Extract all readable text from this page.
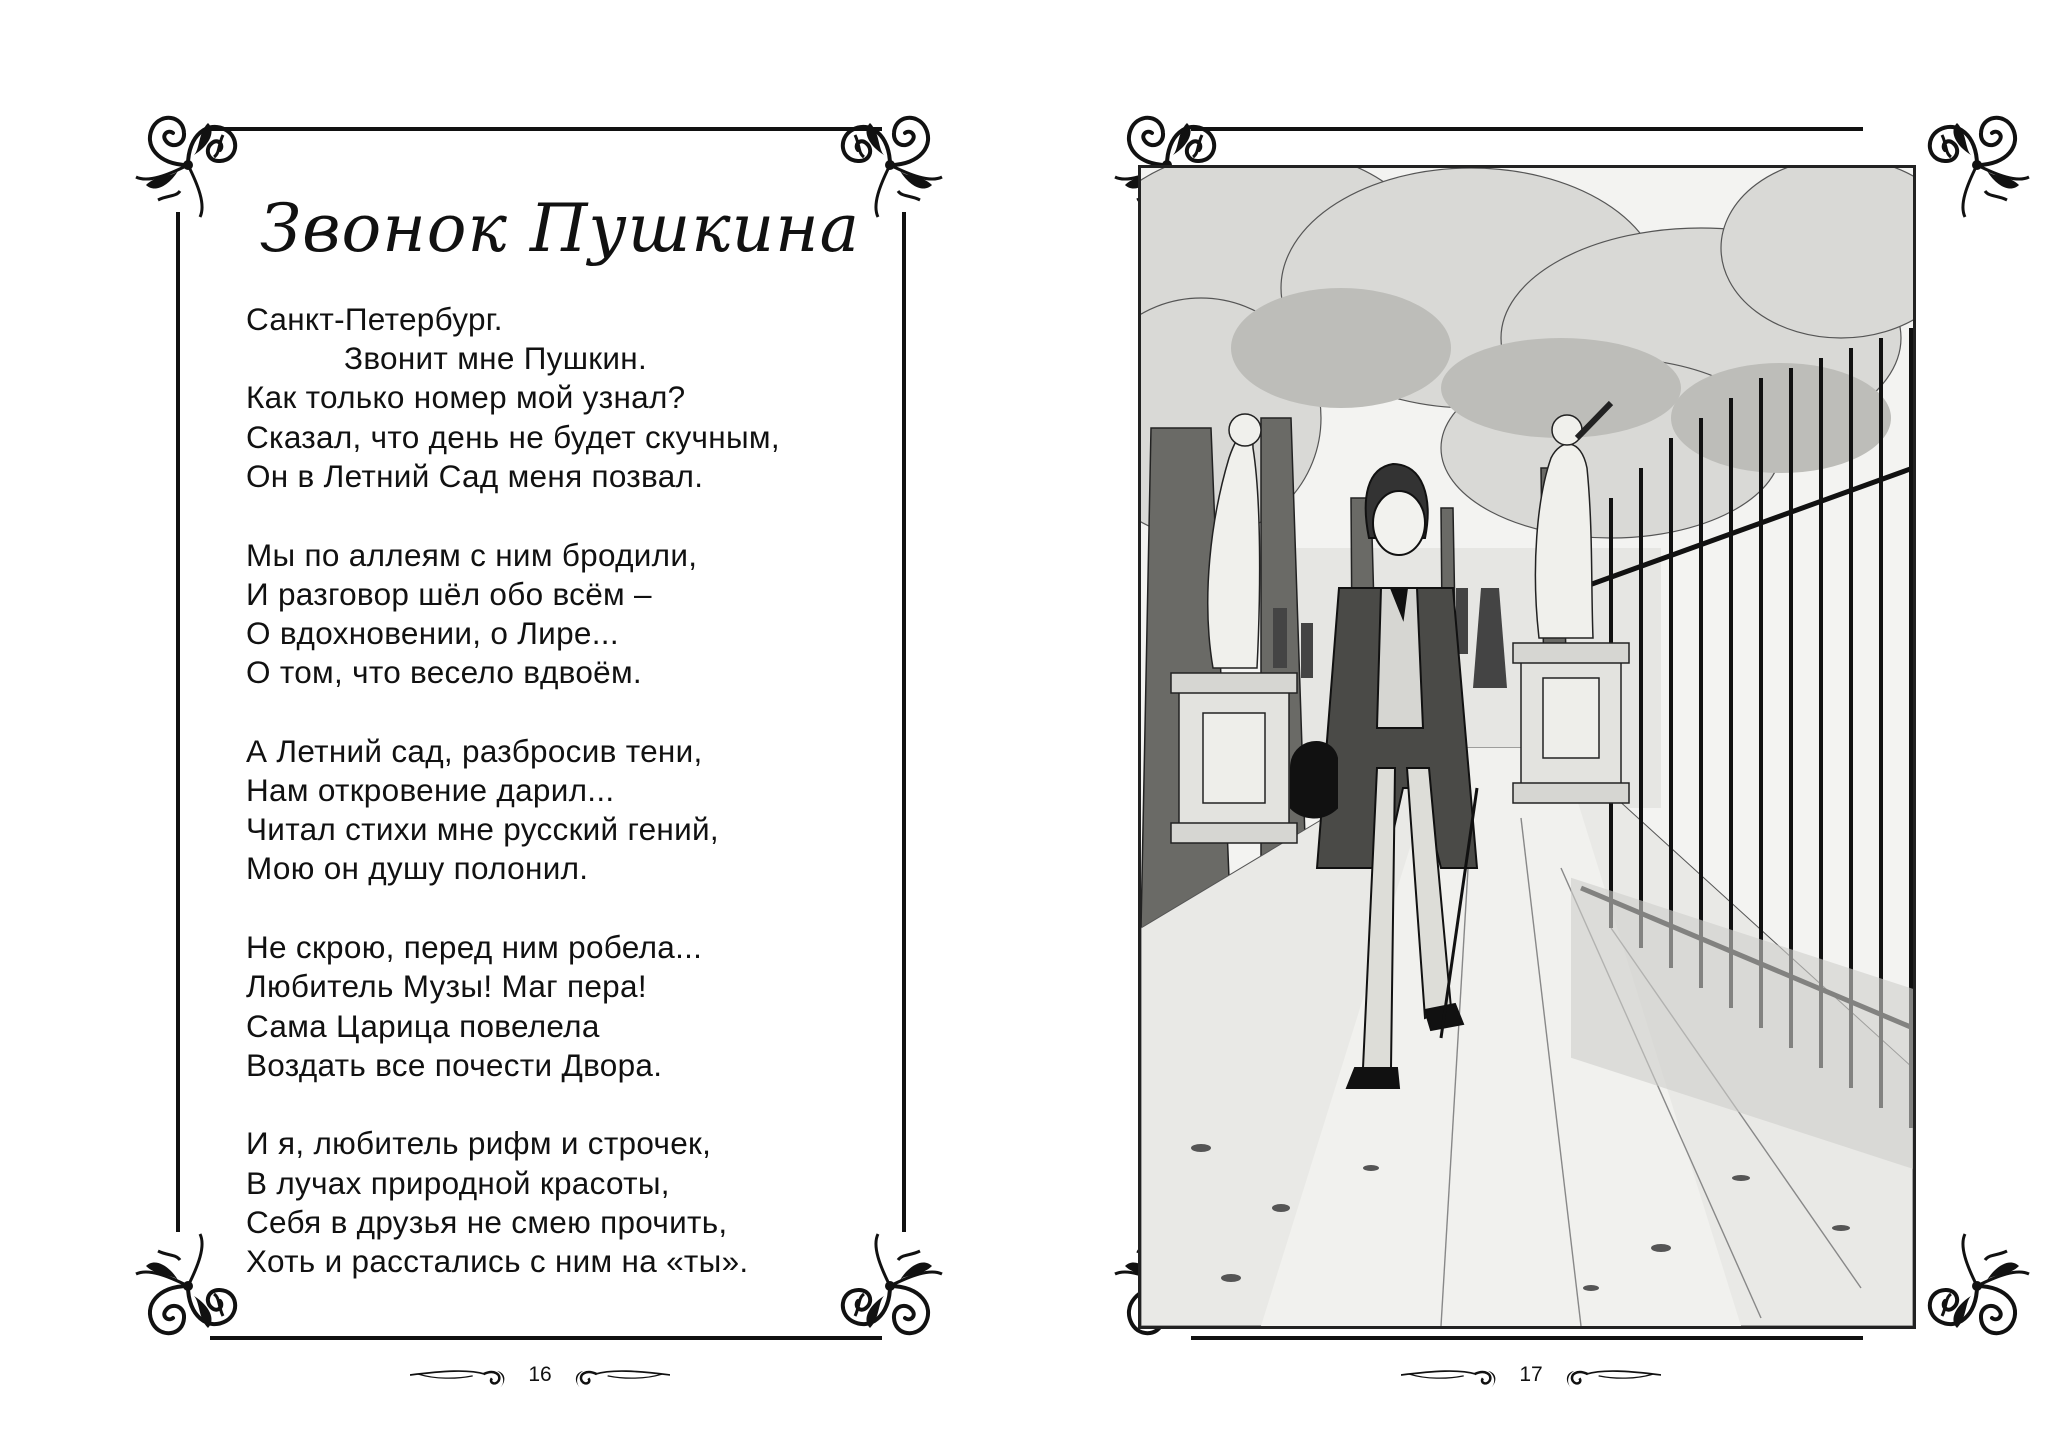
Звонок Пушкина
Санкт-Петербург.
Звонит мне Пушкин.
Как только номер мой узнал?
Сказал, что день не будет скучным,
Он в Летний Сад меня позвал.
Мы по аллеям с ним бродили,
И разговор шёл обо всём –
О вдохновении, о Лире...
О том, что весело вдвоём.
А Летний сад, разбросив тени,
Нам откровение дарил...
Читал стихи мне русский гений,
Мою он душу полонил.
Не скрою, перед ним робела...
Любитель Музы! Маг пера!
Сама Царица повелела
Воздать все почести Двора.
И я, любитель рифм и строчек,
В лучах природной красоты,
Себя в друзья не смею прочить,
Хоть и расстались с ним на «ты».
16	17
